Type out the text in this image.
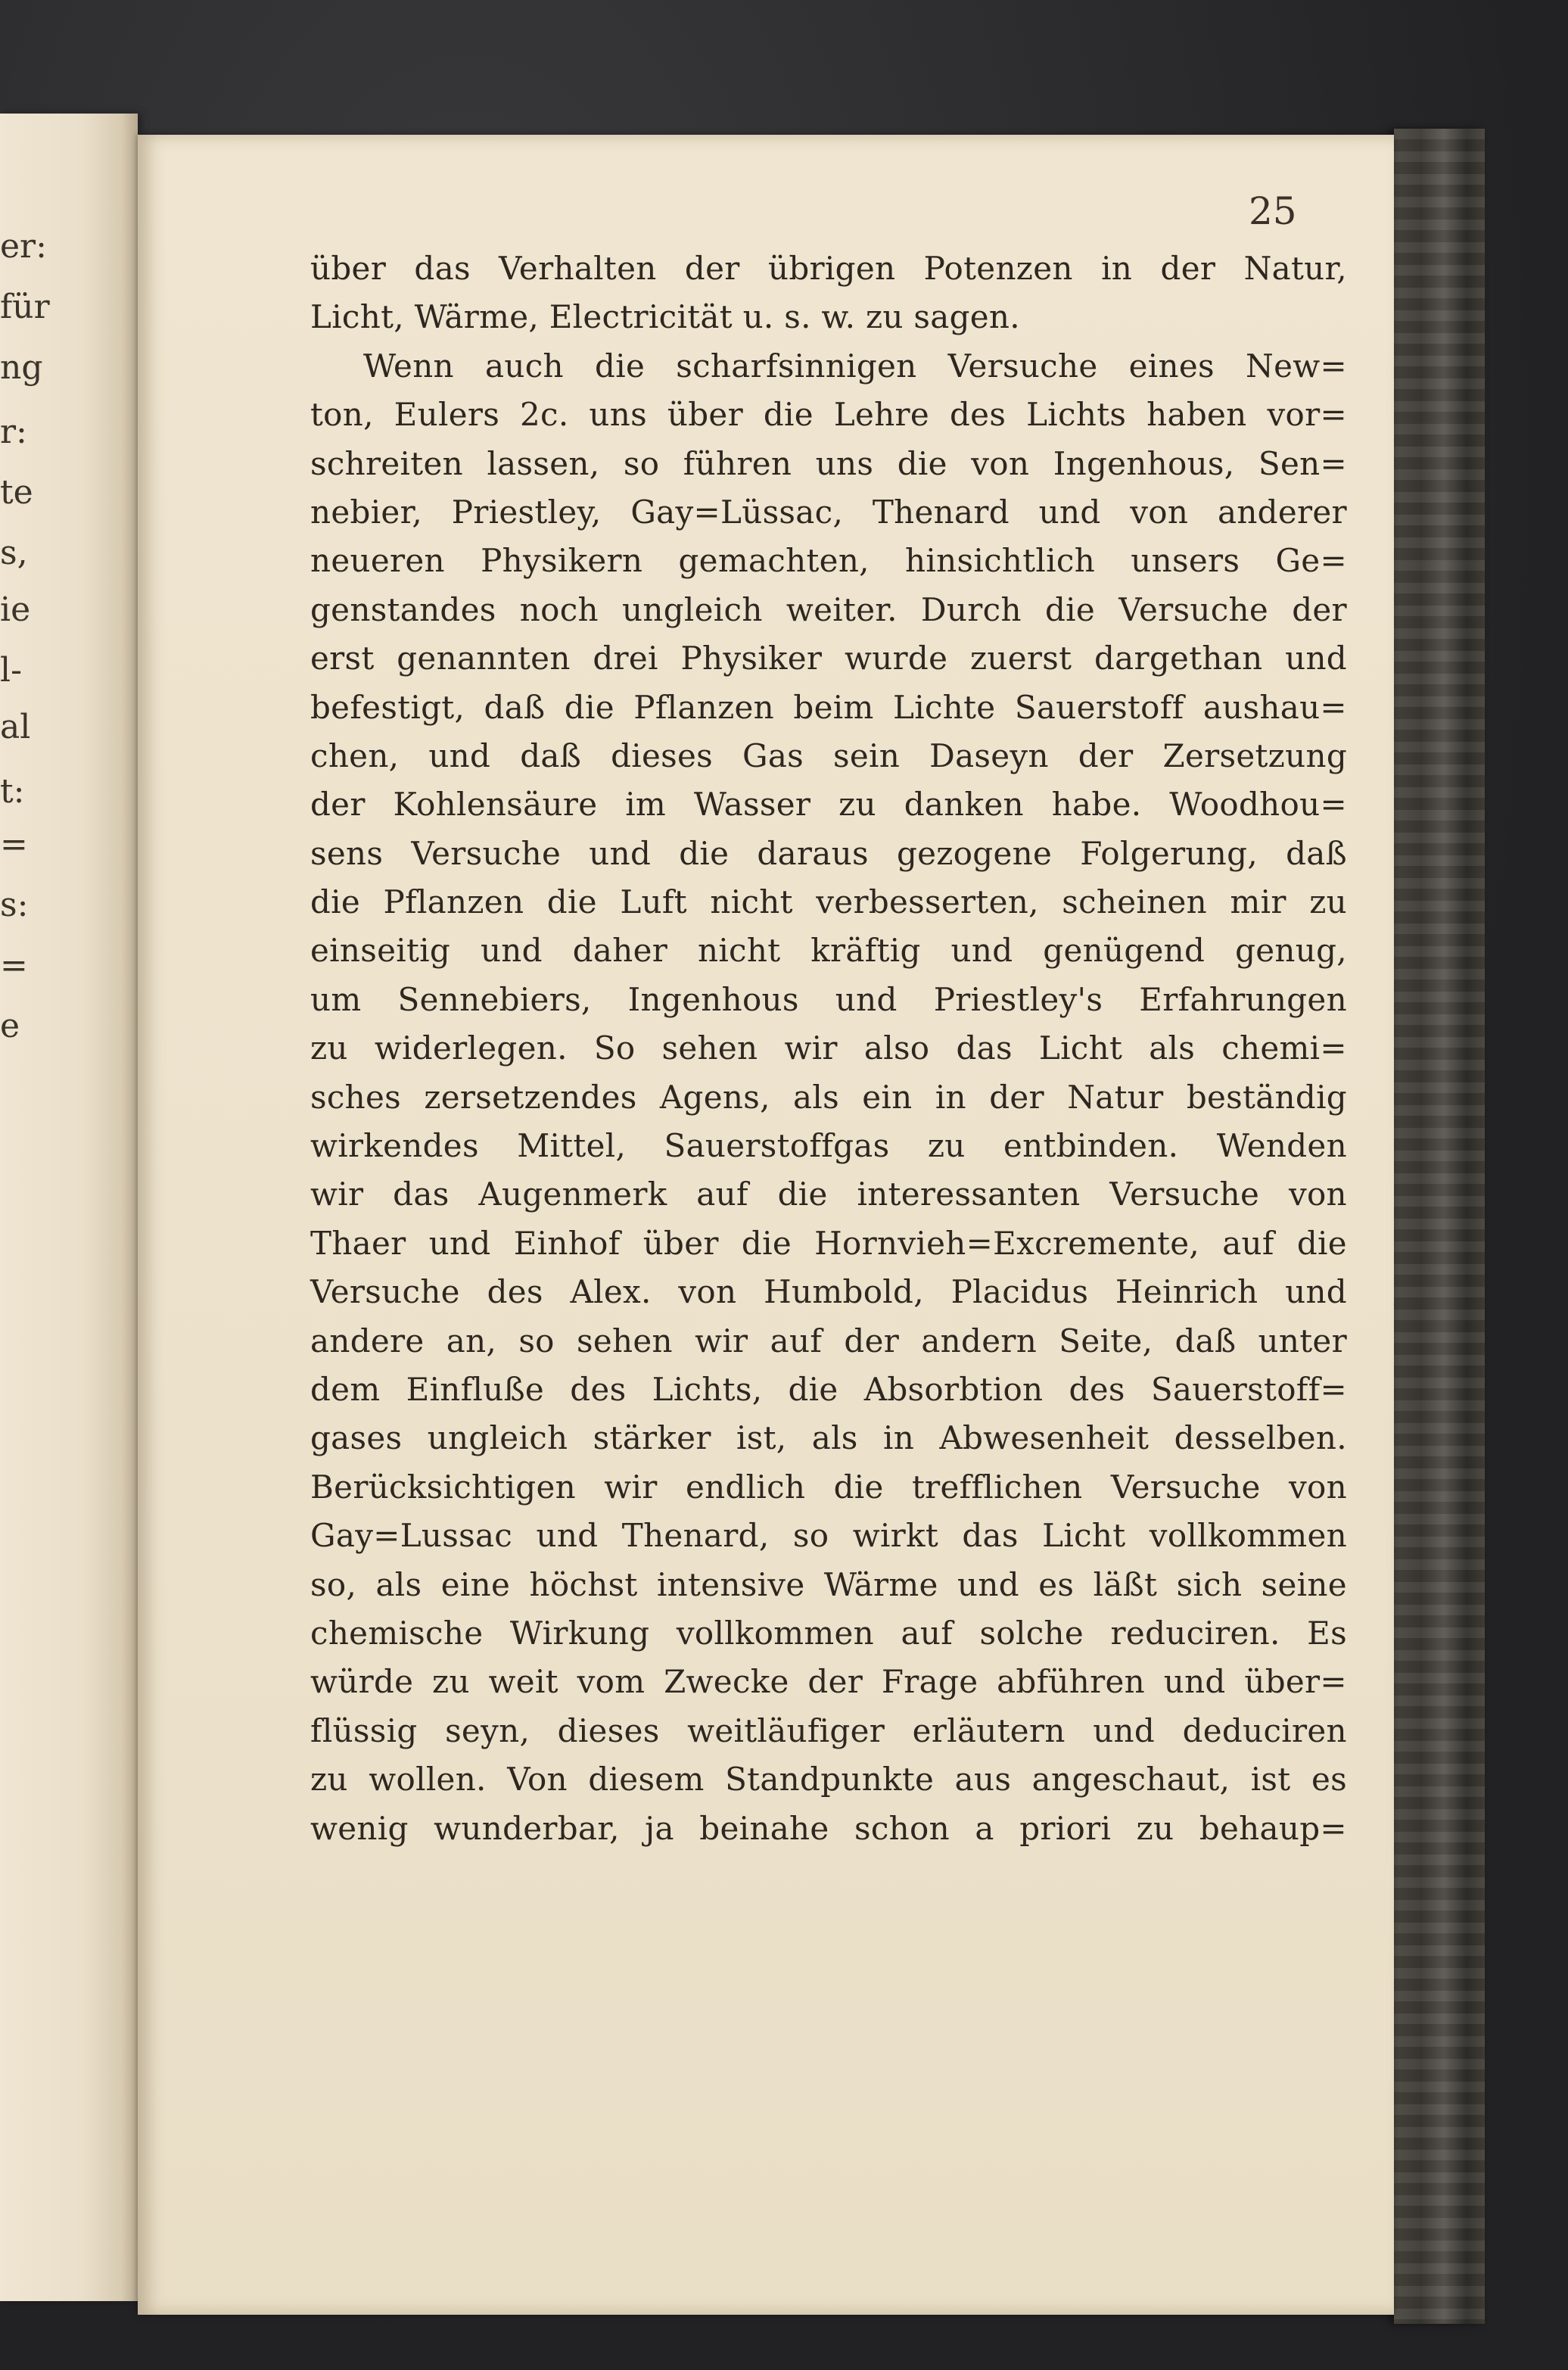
er:
für
ng
r:
te
s,
ie
l-
al
t:
=
s:
=
e
25
über das Verhalten der übrigen Potenzen in der Natur,
Licht, Wärme, Electricität u. s. w. zu sagen.
Wenn auch die scharfsinnigen Versuche eines New=
ton, Eulers 2c. uns über die Lehre des Lichts haben vor=
schreiten lassen, so führen uns die von Ingenhous, Sen=
nebier, Priestley, Gay=Lüssac, Thenard und von anderer
neueren Physikern gemachten, hinsichtlich unsers Ge=
genstandes noch ungleich weiter. Durch die Versuche der
erst genannten drei Physiker wurde zuerst dargethan und
befestigt, daß die Pflanzen beim Lichte Sauerstoff aushau=
chen, und daß dieses Gas sein Daseyn der Zersetzung
der Kohlensäure im Wasser zu danken habe. Woodhou=
sens Versuche und die daraus gezogene Folgerung, daß
die Pflanzen die Luft nicht verbesserten, scheinen mir zu
einseitig und daher nicht kräftig und genügend genug,
um Sennebiers, Ingenhous und Priestley's Erfahrungen
zu widerlegen. So sehen wir also das Licht als chemi=
sches zersetzendes Agens, als ein in der Natur beständig
wirkendes Mittel, Sauerstoffgas zu entbinden. Wenden
wir das Augenmerk auf die interessanten Versuche von
Thaer und Einhof über die Hornvieh=Excremente, auf die
Versuche des Alex. von Humbold, Placidus Heinrich und
andere an, so sehen wir auf der andern Seite, daß unter
dem Einfluße des Lichts, die Absorbtion des Sauerstoff=
gases ungleich stärker ist, als in Abwesenheit desselben.
Berücksichtigen wir endlich die trefflichen Versuche von
Gay=Lussac und Thenard, so wirkt das Licht vollkommen
so, als eine höchst intensive Wärme und es läßt sich seine
chemische Wirkung vollkommen auf solche reduciren. Es
würde zu weit vom Zwecke der Frage abführen und über=
flüssig seyn, dieses weitläufiger erläutern und deduciren
zu wollen. Von diesem Standpunkte aus angeschaut, ist es
wenig wunderbar, ja beinahe schon a priori zu behaup=
